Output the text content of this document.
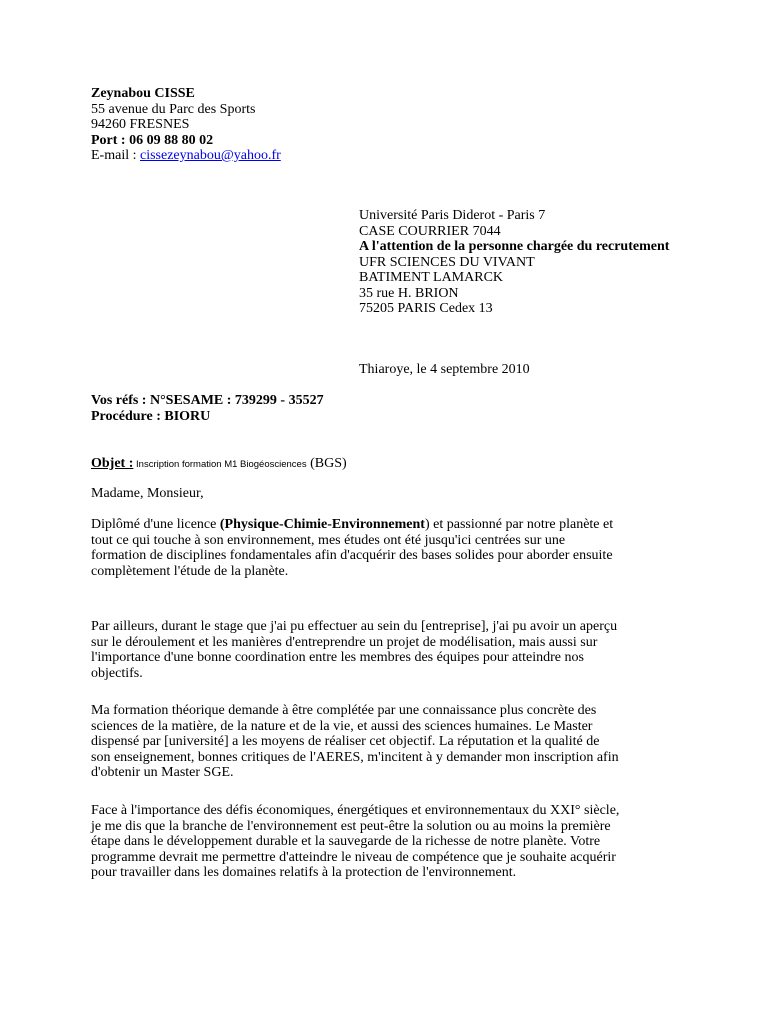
Zeynabou CISSE
55 avenue du Parc des Sports
94260 FRESNES
Port : 06 09 88 80 02
E-mail : cissezeynabou@yahoo.fr
Université Paris Diderot - Paris 7
CASE COURRIER 7044
A l'attention de la personne chargée du recrutement
UFR SCIENCES DU VIVANT
BATIMENT LAMARCK
35 rue H. BRION
75205 PARIS Cedex 13
Thiaroye, le 4 septembre 2010
Vos réfs : N°SESAME : 739299 - 35527
Procédure : BIORU
Objet : Inscription formation M1 Biogéosciences (BGS)
Madame, Monsieur,
Diplômé d'une licence (Physique-Chimie-Environnement) et passionné par notre planète et
tout ce qui touche à son environnement, mes études ont été jusqu'ici centrées sur une
formation de disciplines fondamentales afin d'acquérir des bases solides pour aborder ensuite
complètement l'étude de la planète.
Par ailleurs, durant le stage que j'ai pu effectuer au sein du [entreprise], j'ai pu avoir un aperçu
sur le déroulement et les manières d'entreprendre un projet de modélisation, mais aussi sur
l'importance d'une bonne coordination entre les membres des équipes pour atteindre nos
objectifs.
Ma formation théorique demande à être complétée par une connaissance plus concrète des
sciences de la matière, de la nature et de la vie, et aussi des sciences humaines. Le Master
dispensé par [université] a les moyens de réaliser cet objectif. La réputation et la qualité de
son enseignement, bonnes critiques de l'AERES, m'incitent à y demander mon inscription afin
d'obtenir un Master SGE.
Face à l'importance des défis économiques, énergétiques et environnementaux du XXI° siècle,
je me dis que la branche de l'environnement est peut-être la solution ou au moins la première
étape dans le développement durable et la sauvegarde de la richesse de notre planète. Votre
programme devrait me permettre d'atteindre le niveau de compétence que je souhaite acquérir
pour travailler dans les domaines relatifs à la protection de l'environnement.
